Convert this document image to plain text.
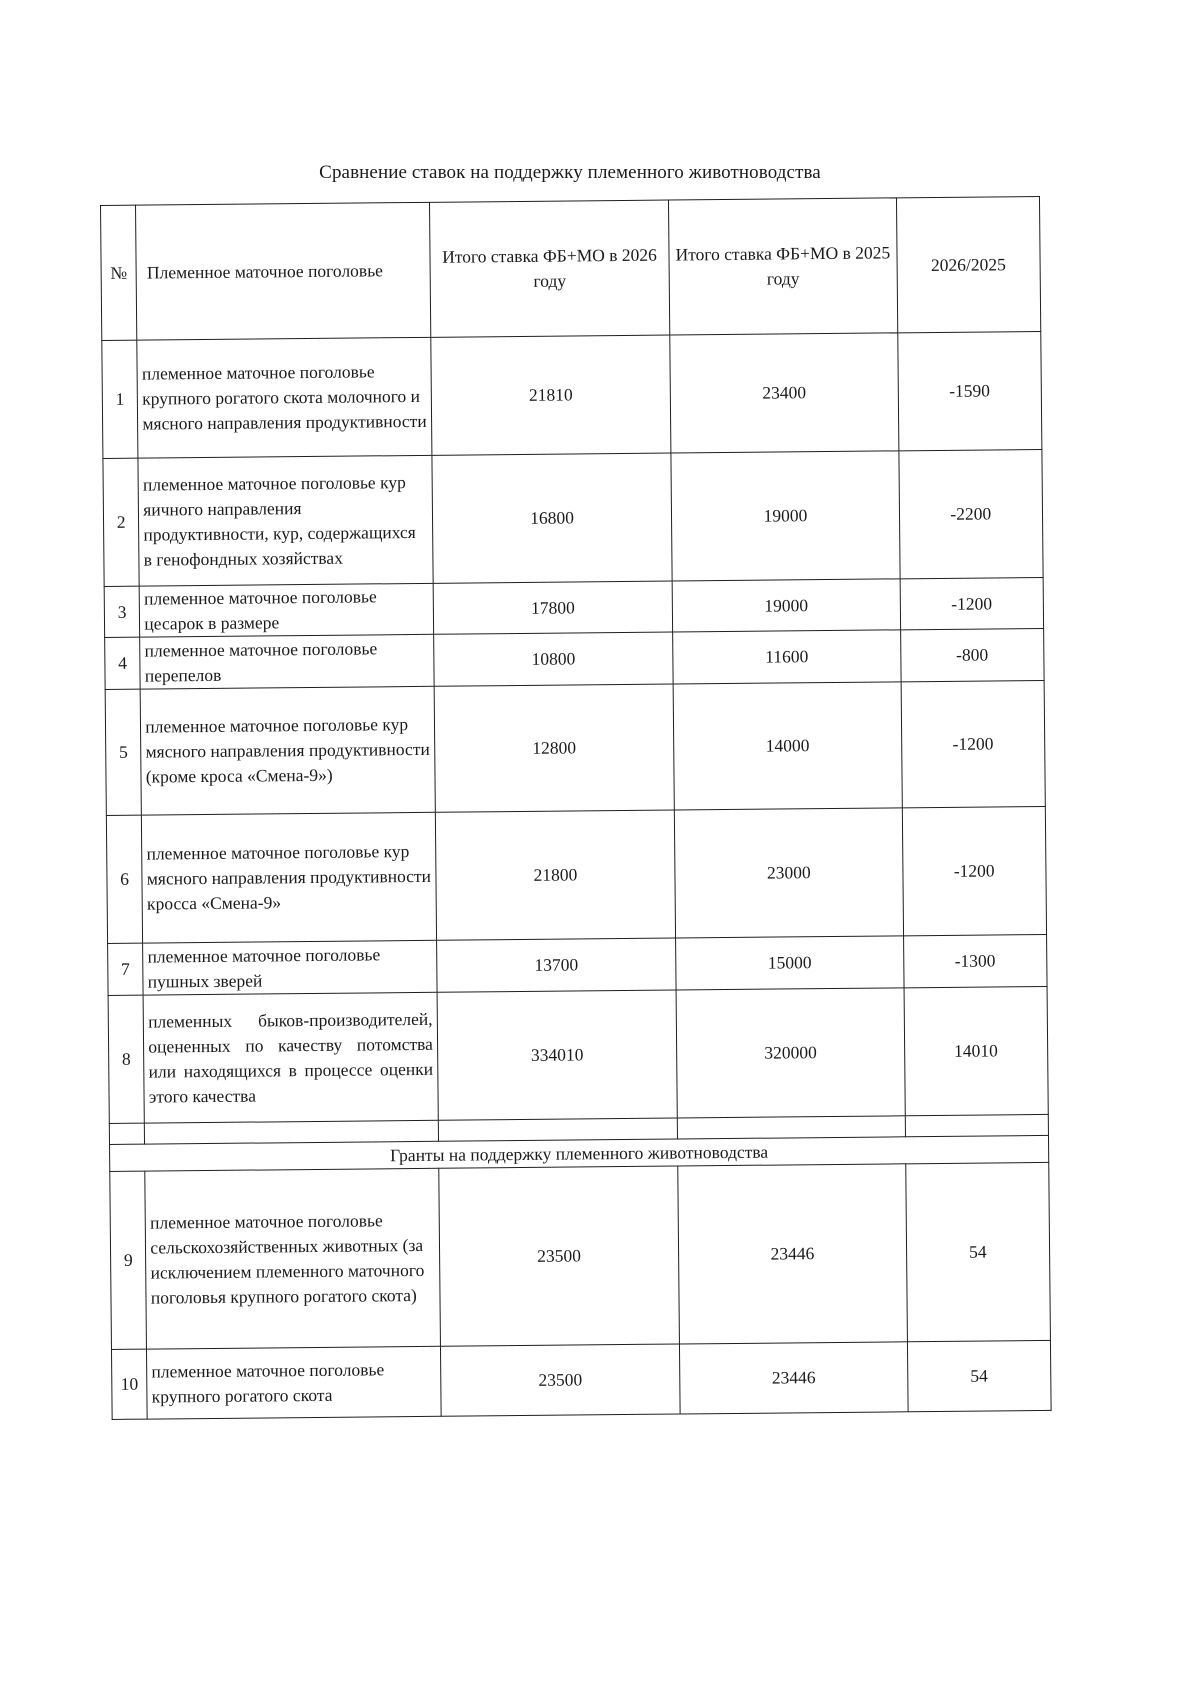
Сравнение ставок на поддержку племенного животноводства
№	Племенное маточное поголовье	Итого ставка ФБ+МО в 2026 году	Итого ставка ФБ+МО в 2025 году	2026/2025
1	племенное маточное поголовье крупного рогатого скота молочного и мясного направления продуктивности	21810	23400	-1590
2	племенное маточное поголовье кур яичного направления продуктивности, кур, содержащихся в генофондных хозяйствах	16800	19000	-2200
3	племенное маточное поголовье цесарок в размере	17800	19000	-1200
4	племенное маточное поголовье перепелов	10800	11600	-800
5	племенное маточное поголовье кур мясного направления продуктивности (кроме кроса «Смена-9»)	12800	14000	-1200
6	племенное маточное поголовье кур мясного направления продуктивности кросса «Смена-9»	21800	23000	-1200
7	племенное маточное поголовье пушных зверей	13700	15000	-1300
8	племенных быков-производителей, оцененных по качеству потомства или находящихся в процессе оценки этого качества	334010	320000	14010

Гранты на поддержку племенного животноводства				
9	племенное маточное поголовье сельскохозяйственных животных (за исключением племенного маточного поголовья крупного рогатого скота)	23500	23446	54
10	племенное маточное поголовье крупного рогатого скота	23500	23446	54
